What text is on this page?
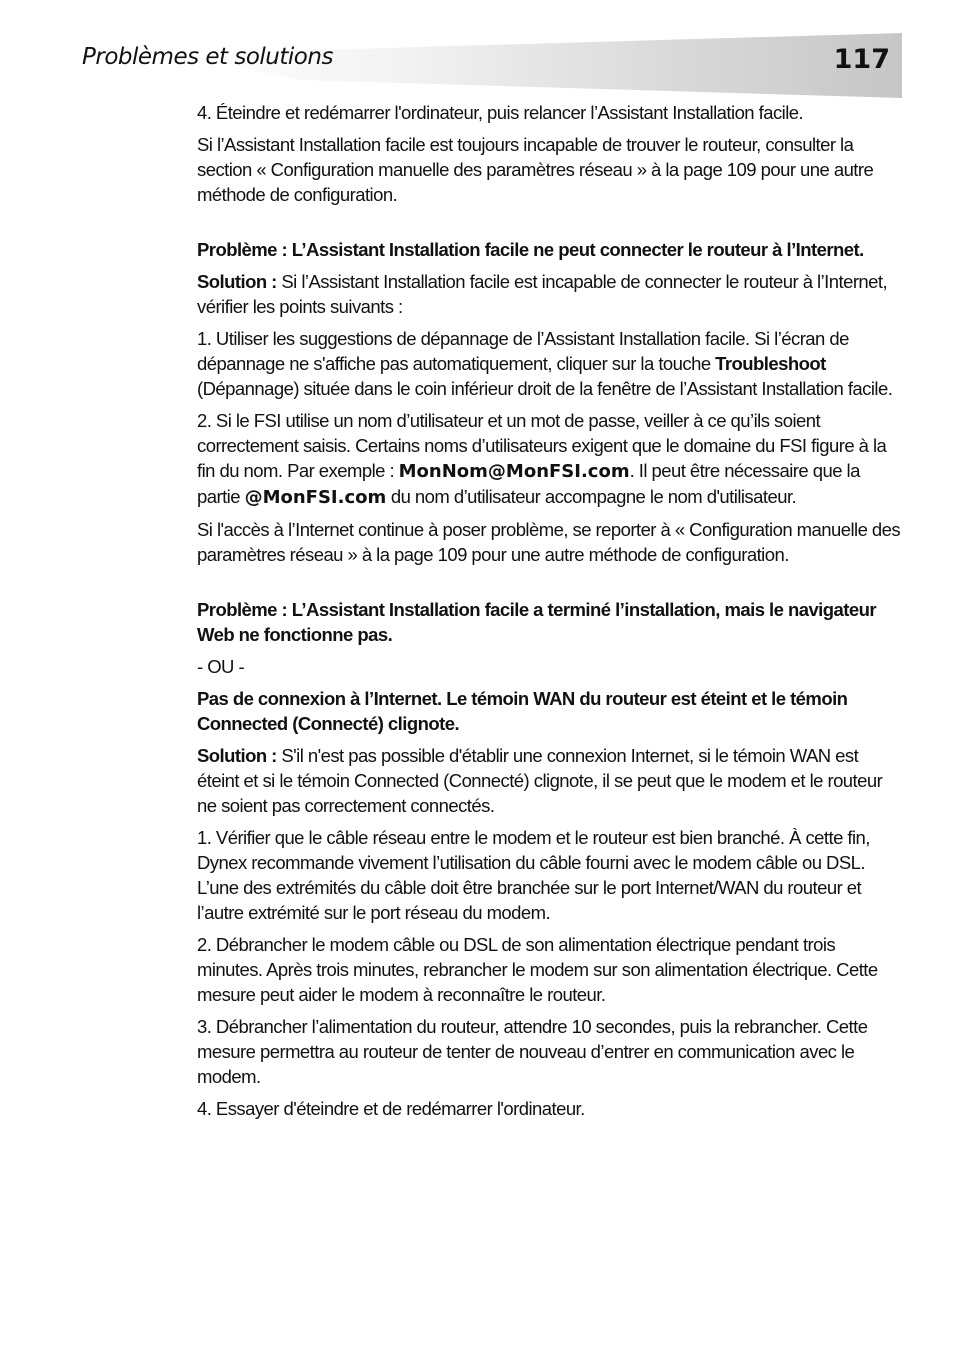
Problèmes et solutions	117

4. Éteindre et redémarrer l'ordinateur, puis relancer l’Assistant Installation facile.

Si l’Assistant Installation facile est toujours incapable de trouver le routeur, consulter la section « Configuration manuelle des paramètres réseau » à la page 109 pour une autre méthode de configuration.

Problème : L’Assistant Installation facile ne peut connecter le routeur à l’Internet.

Solution : Si l’Assistant Installation facile est incapable de connecter le routeur à l’Internet, vérifier les points suivants :

1. Utiliser les suggestions de dépannage de l’Assistant Installation facile. Si l’écran de dépannage ne s'affiche pas automatiquement, cliquer sur la touche Troubleshoot (Dépannage) située dans le coin inférieur droit de la fenêtre de l’Assistant Installation facile.

2. Si le FSI utilise un nom d’utilisateur et un mot de passe, veiller à ce qu’ils soient correctement saisis. Certains noms d’utilisateurs exigent que le domaine du FSI figure à la fin du nom. Par exemple : MonNom@MonFSI.com. Il peut être nécessaire que la partie @MonFSI.com du nom d’utilisateur accompagne le nom d'utilisateur.

Si l'accès à l’Internet continue à poser problème, se reporter à « Configuration manuelle des paramètres réseau » à la page 109 pour une autre méthode de configuration.

Problème : L’Assistant Installation facile a terminé l’installation, mais le navigateur Web ne fonctionne pas.

- OU -

Pas de connexion à l’Internet. Le témoin WAN du routeur est éteint et le témoin Connected (Connecté) clignote.

Solution : S'il n'est pas possible d'établir une connexion Internet, si le témoin WAN est éteint et si le témoin Connected (Connecté) clignote, il se peut que le modem et le routeur ne soient pas correctement connectés.

1. Vérifier que le câble réseau entre le modem et le routeur est bien branché. À cette fin, Dynex recommande vivement l’utilisation du câble fourni avec le modem câble ou DSL. L’une des extrémités du câble doit être branchée sur le port Internet/WAN du routeur et l’autre extrémité sur le port réseau du modem.

2. Débrancher le modem câble ou DSL de son alimentation électrique pendant trois minutes. Après trois minutes, rebrancher le modem sur son alimentation électrique. Cette mesure peut aider le modem à reconnaître le routeur.

3. Débrancher l’alimentation du routeur, attendre 10 secondes, puis la rebrancher. Cette mesure permettra au routeur de tenter de nouveau d’entrer en communication avec le modem.

4. Essayer d'éteindre et de redémarrer l'ordinateur.
